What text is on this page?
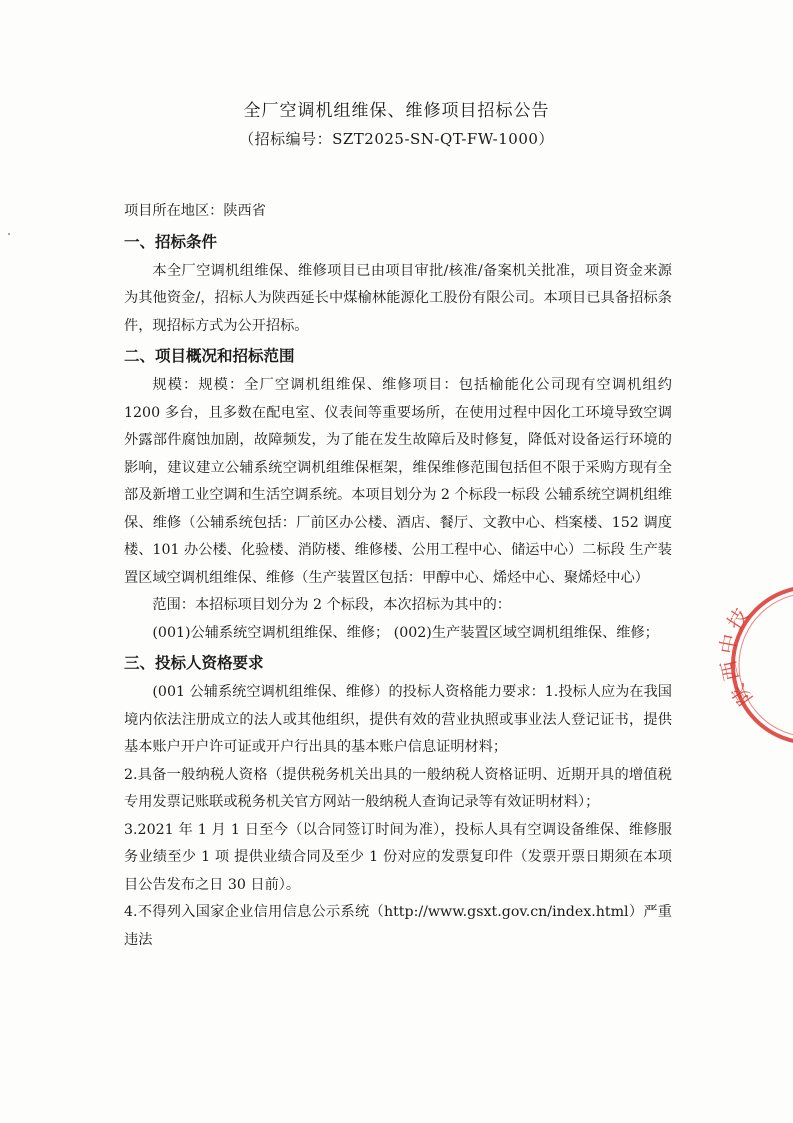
全厂空调机组维保、维修项目招标公告
（招标编号：SZT2025-SN-QT-FW-1000）

项目所在地区：陕西省

一、招标条件

本全厂空调机组维保、维修项目已由项目审批/核准/备案机关批准，项目资金来源为其他资金/，招标人为陕西延长中煤榆林能源化工股份有限公司。本项目已具备招标条件，现招标方式为公开招标。

二、项目概况和招标范围

规模：规模：全厂空调机组维保、维修项目：包括榆能化公司现有空调机组约 1200 多台，且多数在配电室、仪表间等重要场所，在使用过程中因化工环境导致空调外露部件腐蚀加剧，故障频发，为了能在发生故障后及时修复，降低对设备运行环境的影响，建议建立公辅系统空调机组维保框架，维保维修范围包括但不限于采购方现有全部及新增工业空调和生活空调系统。本项目划分为 2 个标段一标段 公辅系统空调机组维保、维修（公辅系统包括：厂前区办公楼、酒店、餐厅、文教中心、档案楼、152 调度楼、101 办公楼、化验楼、消防楼、维修楼、公用工程中心、储运中心）二标段 生产装置区域空调机组维保、维修（生产装置区包括：甲醇中心、烯烃中心、聚烯烃中心）

范围：本招标项目划分为 2 个标段，本次招标为其中的：

(001)公辅系统空调机组维保、维修； (002)生产装置区域空调机组维保、维修；

三、投标人资格要求

(001 公辅系统空调机组维保、维修）的投标人资格能力要求：1.投标人应为在我国境内依法注册成立的法人或其他组织，提供有效的营业执照或事业法人登记证书，提供基本账户开户许可证或开户行出具的基本账户信息证明材料；

2.具备一般纳税人资格（提供税务机关出具的一般纳税人资格证明、近期开具的增值税专用发票记账联或税务机关官方网站一般纳税人查询记录等有效证明材料）；

3.2021 年 1 月 1 日至今（以合同签订时间为准），投标人具有空调设备维保、维修服务业绩至少 1 项 提供业绩合同及至少 1 份对应的发票复印件（发票开票日期须在本项目公告发布之日 30 日前）。

4.不得列入国家企业信用信息公示系统（http://www.gsxt.gov.cn/index.html）严重违法

陕西中技
